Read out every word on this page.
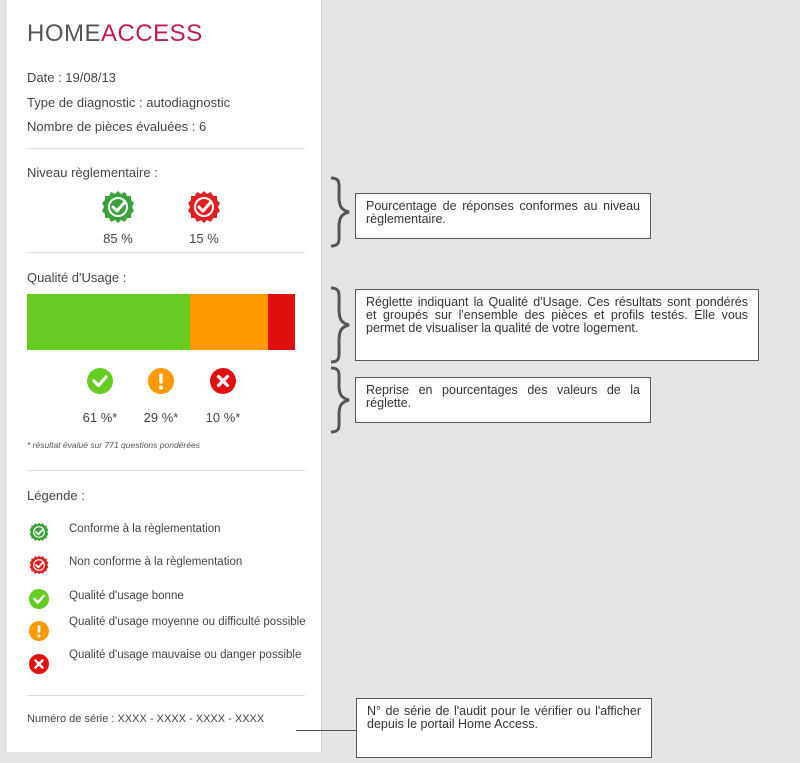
HOMEACCESS
Date : 19/08/13
Type de diagnostic : autodiagnostic
Nombre de pièces évaluées : 6
Niveau règlementaire :
85 %	15 %
Qualité d'Usage :
61 %*	29 %*	10 %*
* résultat évalué sur 771 questions pondérées
Légende :
Conforme à la règlementation
Non conforme à la règlementation
Qualité d'usage bonne
Qualité d'usage moyenne ou difficulté possible
Qualité d'usage mauvaise ou danger possible
Numéro de série : XXXX - XXXX - XXXX - XXXX
Pourcentage de réponses conformes au niveau règlementaire.
Réglette indiquant la Qualité d'Usage. Ces résultats sont pondérés et groupés sur l'ensemble des pièces et profils testés. Elle vous permet de visualiser la qualité de votre logement.
Reprise en pourcentages des valeurs de la réglette.
N° de série de l'audit pour le vérifier ou l'afficher depuis le portail Home Access.
